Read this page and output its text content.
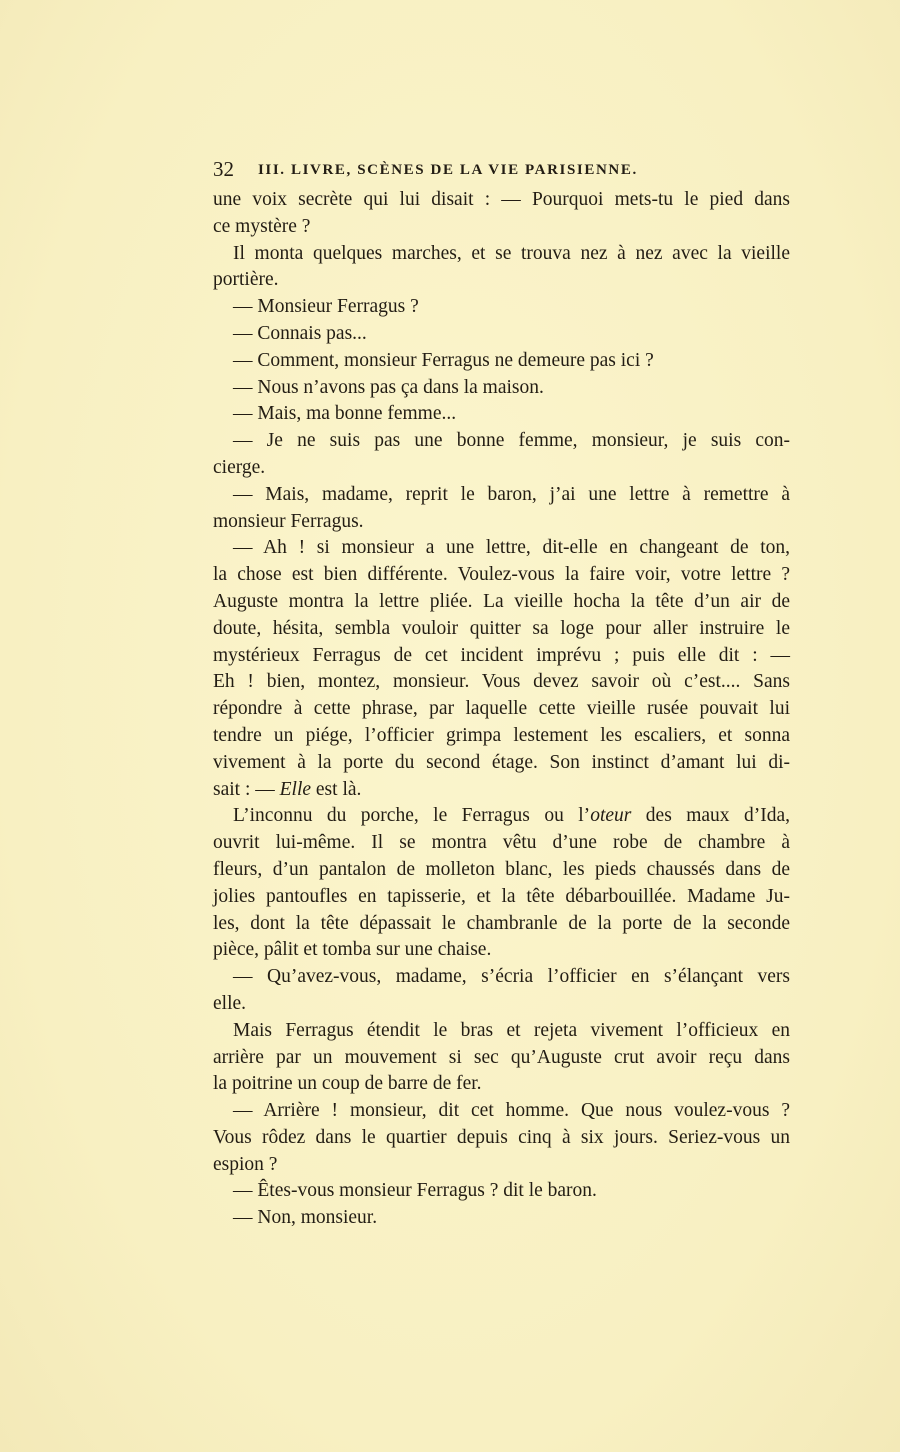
32 III. LIVRE, SCÈNES DE LA VIE PARISIENNE.
une voix secrète qui lui disait : — Pourquoi mets-tu le pied dans
ce mystère ?
Il monta quelques marches, et se trouva nez à nez avec la vieille
portière.
— Monsieur Ferragus ?
— Connais pas...
— Comment, monsieur Ferragus ne demeure pas ici ?
— Nous n’avons pas ça dans la maison.
— Mais, ma bonne femme...
— Je ne suis pas une bonne femme, monsieur, je suis con-
cierge.
— Mais, madame, reprit le baron, j’ai une lettre à remettre à
monsieur Ferragus.
— Ah ! si monsieur a une lettre, dit-elle en changeant de ton,
la chose est bien différente. Voulez-vous la faire voir, votre lettre ?
Auguste montra la lettre pliée. La vieille hocha la tête d’un air de
doute, hésita, sembla vouloir quitter sa loge pour aller instruire le
mystérieux Ferragus de cet incident imprévu ; puis elle dit : —
Eh ! bien, montez, monsieur. Vous devez savoir où c’est.... Sans
répondre à cette phrase, par laquelle cette vieille rusée pouvait lui
tendre un piége, l’officier grimpa lestement les escaliers, et sonna
vivement à la porte du second étage. Son instinct d’amant lui di-
sait : — Elle est là.
L’inconnu du porche, le Ferragus ou l’oteur des maux d’Ida,
ouvrit lui-même. Il se montra vêtu d’une robe de chambre à
fleurs, d’un pantalon de molleton blanc, les pieds chaussés dans de
jolies pantoufles en tapisserie, et la tête débarbouillée. Madame Ju-
les, dont la tête dépassait le chambranle de la porte de la seconde
pièce, pâlit et tomba sur une chaise.
— Qu’avez-vous, madame, s’écria l’officier en s’élançant vers
elle.
Mais Ferragus étendit le bras et rejeta vivement l’officieux en
arrière par un mouvement si sec qu’Auguste crut avoir reçu dans
la poitrine un coup de barre de fer.
— Arrière ! monsieur, dit cet homme. Que nous voulez-vous ?
Vous rôdez dans le quartier depuis cinq à six jours. Seriez-vous un
espion ?
— Êtes-vous monsieur Ferragus ? dit le baron.
— Non, monsieur.
